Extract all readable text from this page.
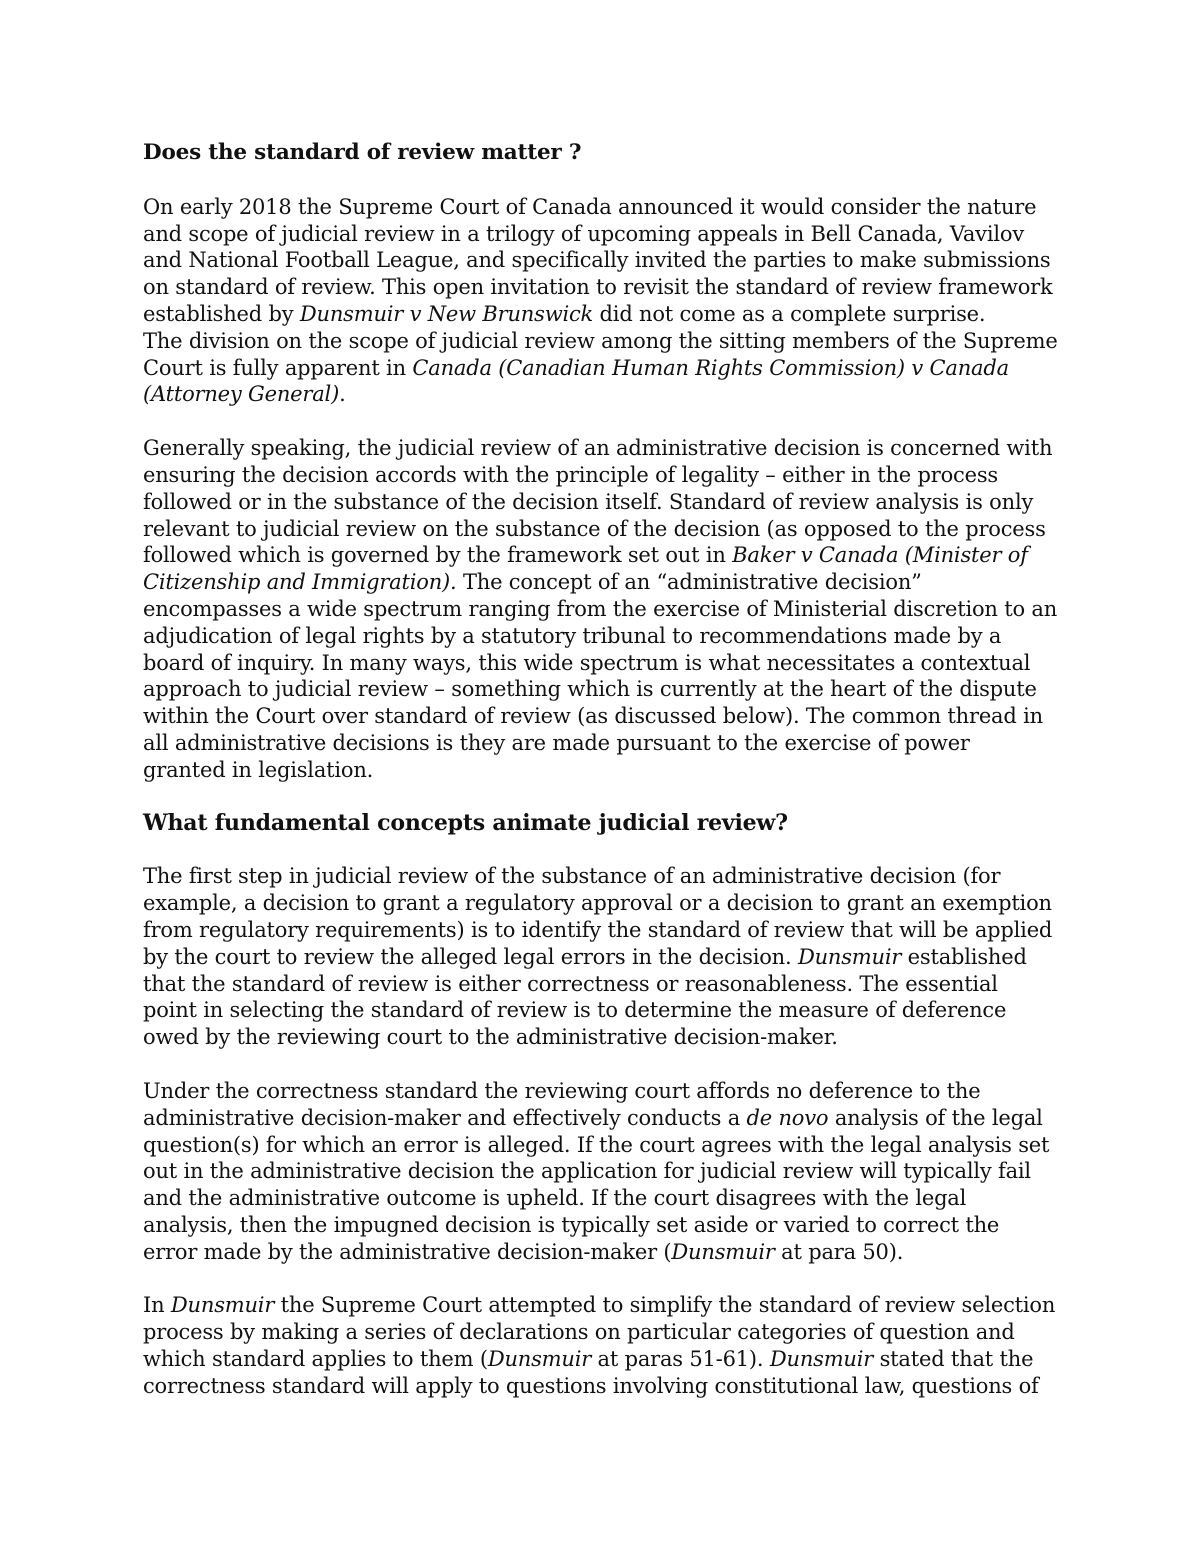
Does the standard of review matter ?

On early 2018 the Supreme Court of Canada announced it would consider the nature and scope of judicial review in a trilogy of upcoming appeals in Bell Canada, Vavilov and National Football League, and specifically invited the parties to make submissions on standard of review. This open invitation to revisit the standard of review framework established by Dunsmuir v New Brunswick did not come as a complete surprise.

The division on the scope of judicial review among the sitting members of the Supreme Court is fully apparent in Canada (Canadian Human Rights Commission) v Canada (Attorney General).

Generally speaking, the judicial review of an administrative decision is concerned with ensuring the decision accords with the principle of legality – either in the process followed or in the substance of the decision itself. Standard of review analysis is only relevant to judicial review on the substance of the decision (as opposed to the process followed which is governed by the framework set out in Baker v Canada (Minister of Citizenship and Immigration). The concept of an “administrative decision” encompasses a wide spectrum ranging from the exercise of Ministerial discretion to an adjudication of legal rights by a statutory tribunal to recommendations made by a board of inquiry. In many ways, this wide spectrum is what necessitates a contextual approach to judicial review – something which is currently at the heart of the dispute within the Court over standard of review (as discussed below). The common thread in all administrative decisions is they are made pursuant to the exercise of power granted in legislation.

What fundamental concepts animate judicial review?

The first step in judicial review of the substance of an administrative decision (for example, a decision to grant a regulatory approval or a decision to grant an exemption from regulatory requirements) is to identify the standard of review that will be applied by the court to review the alleged legal errors in the decision. Dunsmuir established that the standard of review is either correctness or reasonableness. The essential point in selecting the standard of review is to determine the measure of deference owed by the reviewing court to the administrative decision-maker.

Under the correctness standard the reviewing court affords no deference to the administrative decision-maker and effectively conducts a de novo analysis of the legal question(s) for which an error is alleged. If the court agrees with the legal analysis set out in the administrative decision the application for judicial review will typically fail and the administrative outcome is upheld. If the court disagrees with the legal analysis, then the impugned decision is typically set aside or varied to correct the error made by the administrative decision-maker (Dunsmuir at para 50).

In Dunsmuir the Supreme Court attempted to simplify the standard of review selection process by making a series of declarations on particular categories of question and which standard applies to them (Dunsmuir at paras 51-61). Dunsmuir stated that the correctness standard will apply to questions involving constitutional law, questions of
